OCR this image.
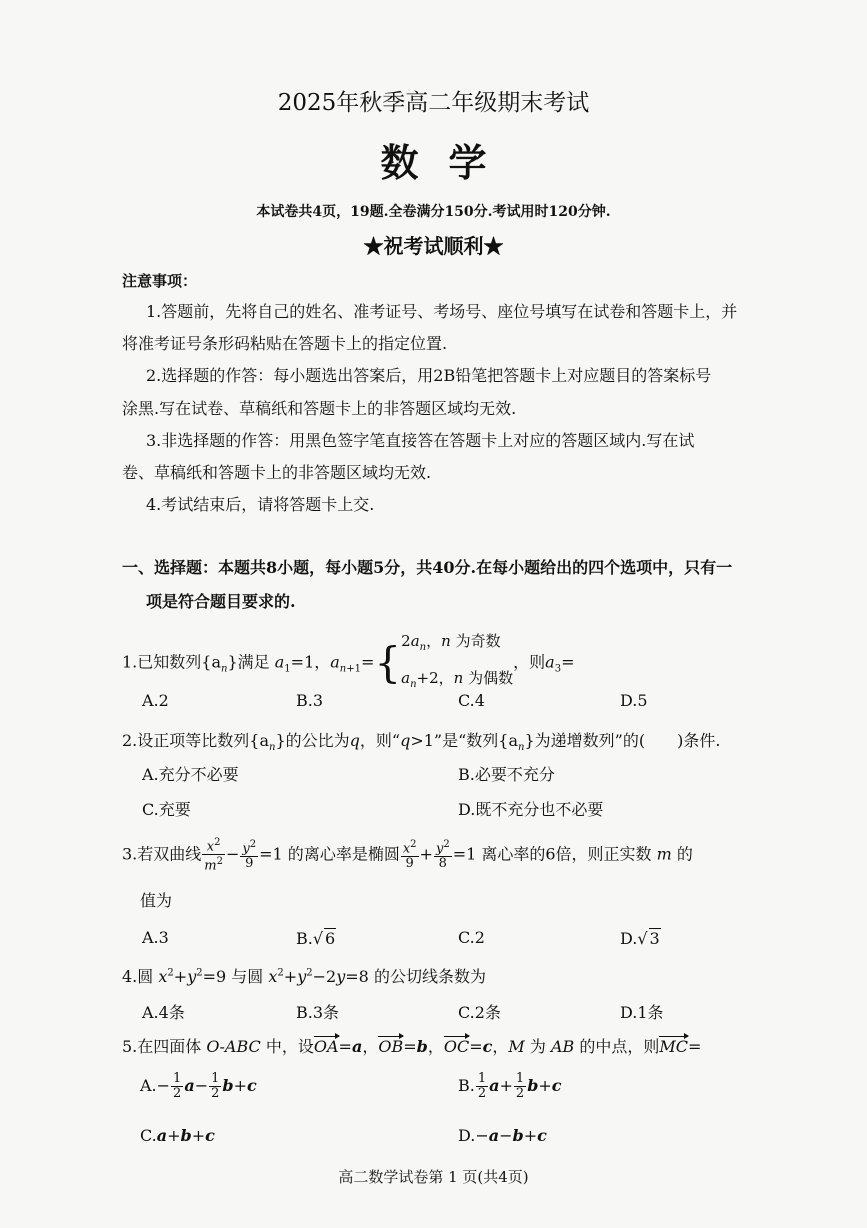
2025年秋季高二年级期末考试
数学
本试卷共4页，19题.全卷满分150分.考试用时120分钟.
★祝考试顺利★
注意事项：
1.答题前，先将自己的姓名、准考证号、考场号、座位号填写在试卷和答题卡上，并
将准考证号条形码粘贴在答题卡上的指定位置.
2.选择题的作答：每小题选出答案后，用2B铅笔把答题卡上对应题目的答案标号
涂黑.写在试卷、草稿纸和答题卡上的非答题区域均无效.
3.非选择题的作答：用黑色签字笔直接答在答题卡上对应的答题区域内.写在试
卷、草稿纸和答题卡上的非答题区域均无效.
4.考试结束后，请将答题卡上交.
一、选择题：本题共8小题，每小题5分，共40分.在每小题给出的四个选项中，只有一
项是符合题目要求的.
1.已知数列$\{a_n\}$满足 $a_1=1$，$a_{n+1}=${ $2a_n$，n 为奇数
$a_n+2$，n 为偶数
，则$a_3=$
A.2	B.3	C.4	D.5
2.设正项等比数列$\{a_n\}$的公比为q，则“q>1”是“数列$\{a_n\}$为递增数列”的(　　)条件.
A.充分不必要	B.必要不充分
C.充要	D.既不充分也不必要
3.若双曲线 $\frac{x^2}{m^2} - \frac{y^2}{9} =1$ 的离心率是椭圆 $\frac{x^2}{9} + \frac{y^2}{8} =1$ 离心率的6倍，则正实数 m 的
值为
A.3	B.√ 6	C.2	D.√ 3
4.圆 $x^2+y^2=9$ 与圆 $x^2+y^2-2y=8$ 的公切线条数为
A.4条	B.3条	C.2条	D.1条
5.在四面体 O-ABC 中，设OA=a，OB=b，OC=c，M 为 AB 的中点，则MC=
$A.- \frac{1}{2} a- \frac{1}{2} b+c$	B. $\frac{1}{2} a+ \frac{1}{2} b+c$
C.a+b+c	D.−a−b+c
高二数学试卷第 1 页(共4页)
